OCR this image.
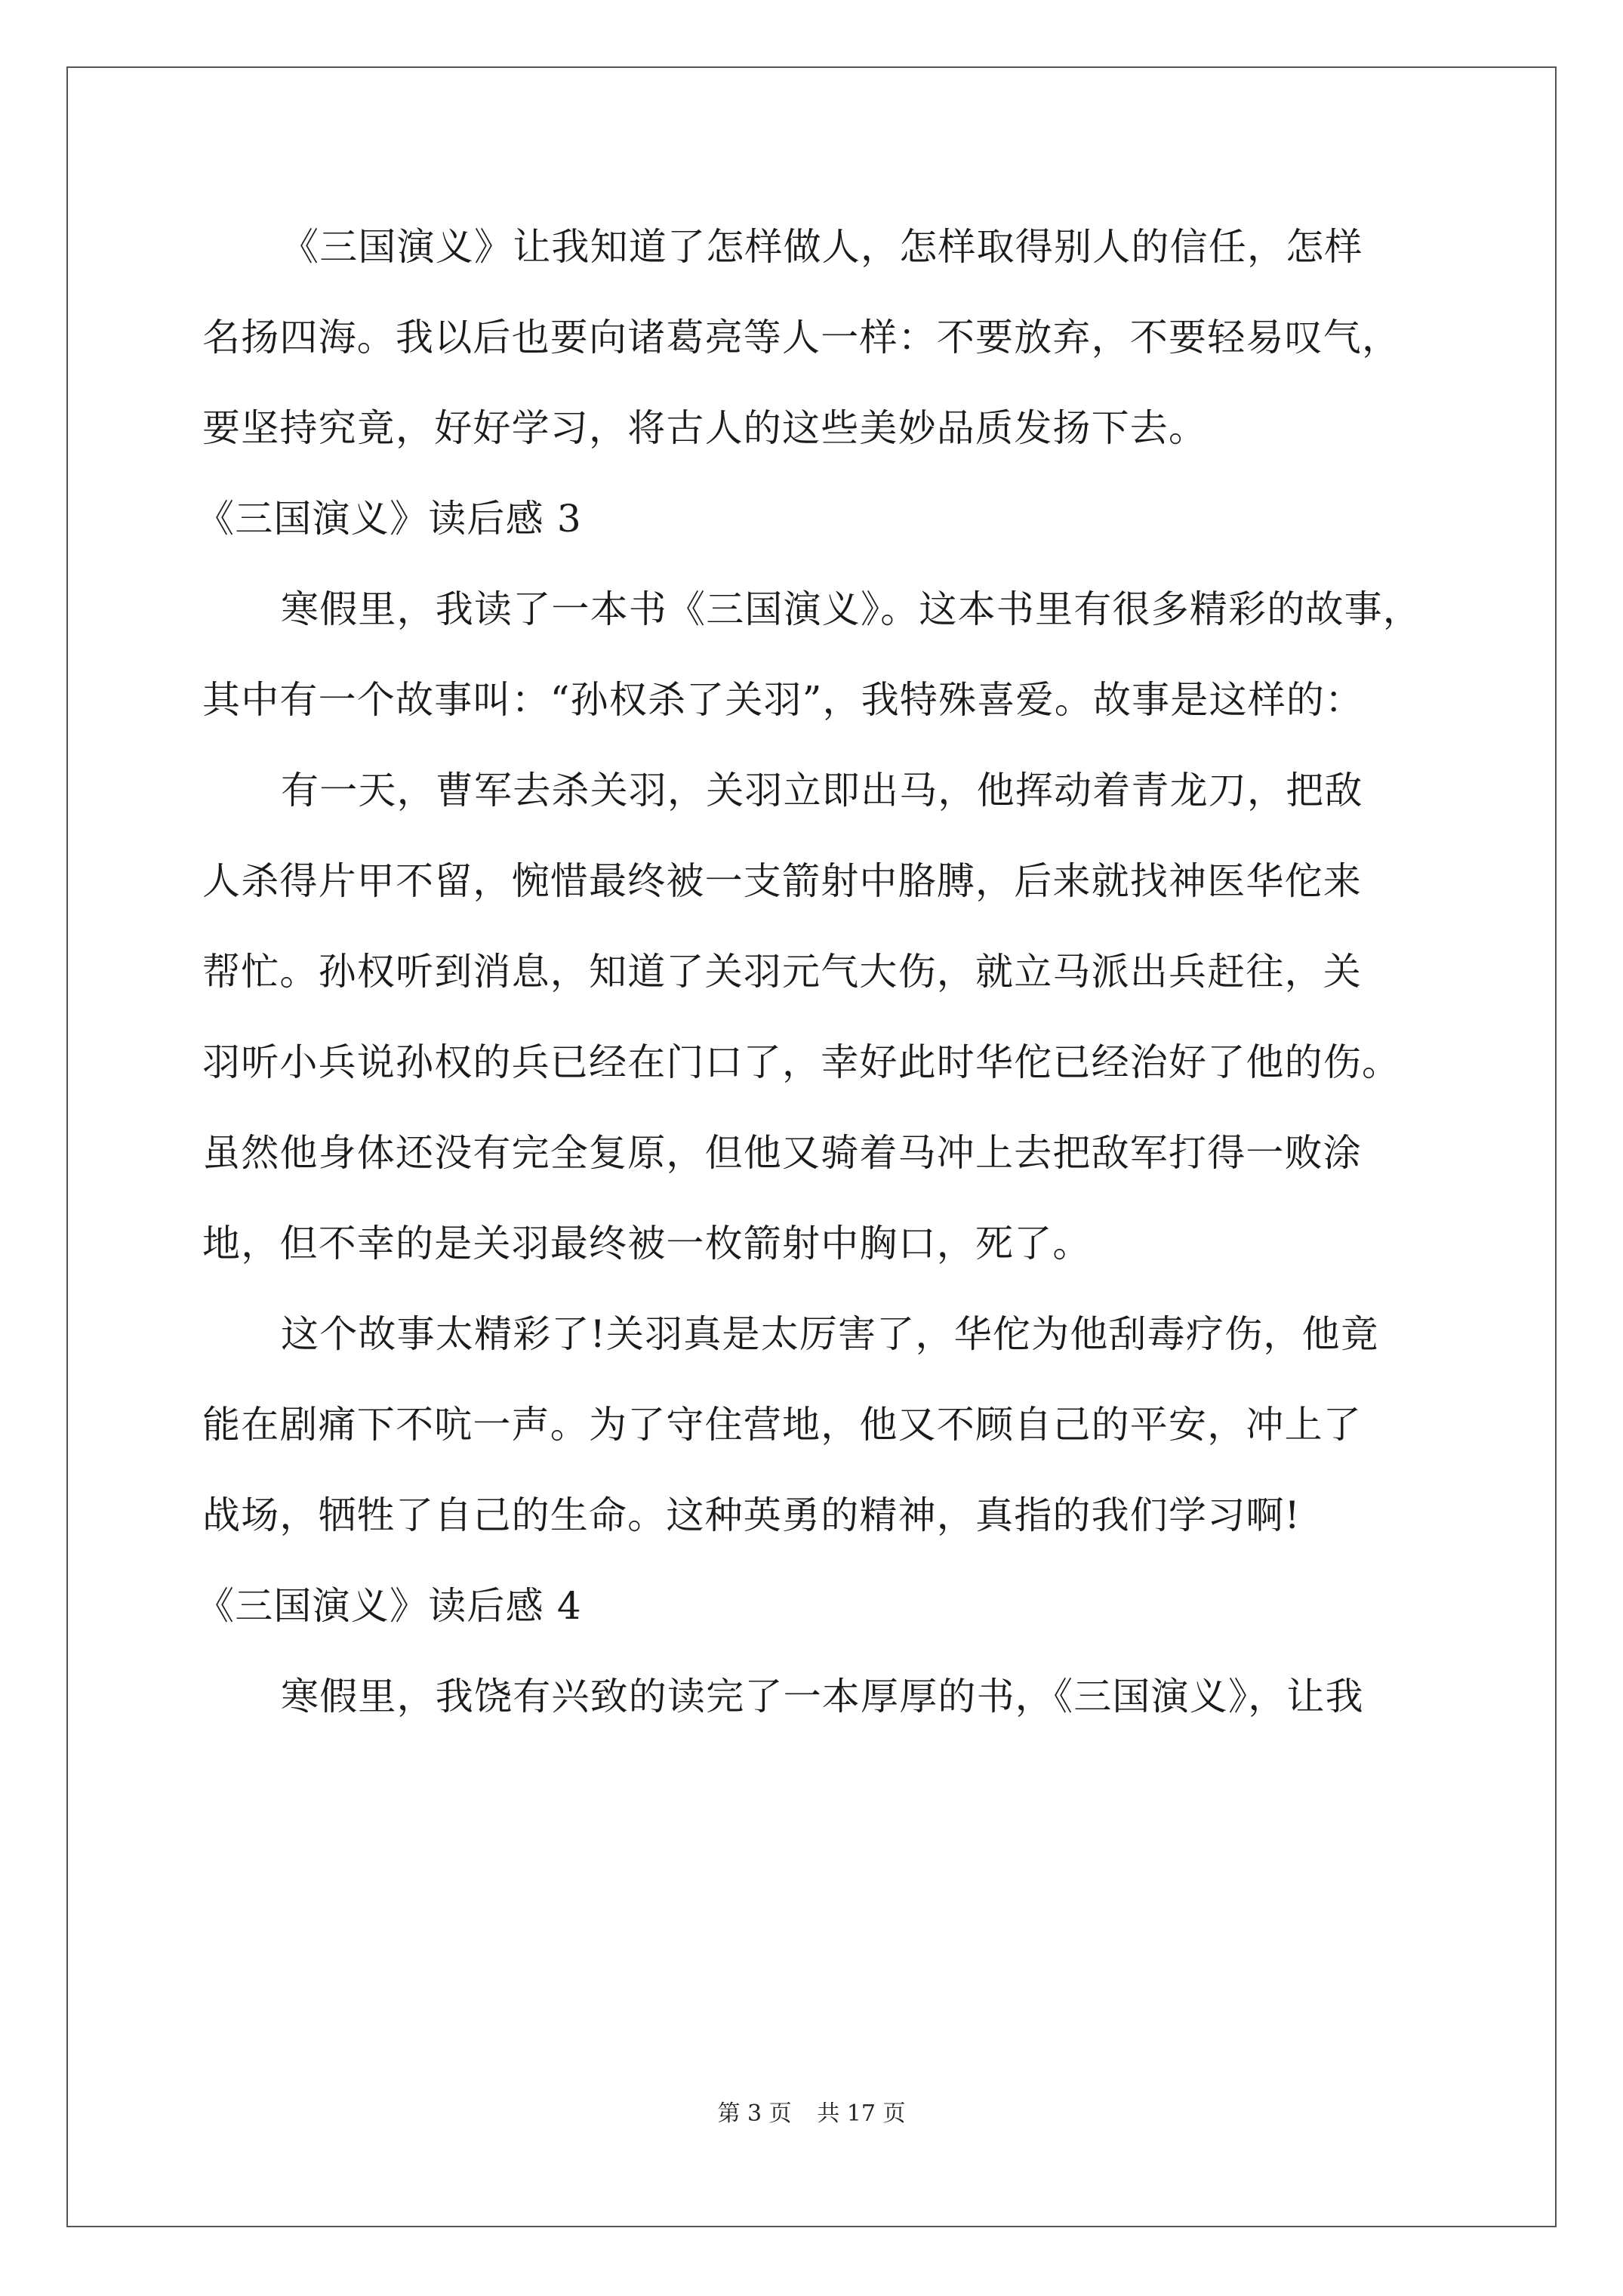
《三国演义》让我知道了怎样做人，怎样取得别人的信任，怎样
名扬四海。我以后也要向诸葛亮等人一样：不要放弃，不要轻易叹气，
要坚持究竟，好好学习，将古人的这些美妙品质发扬下去。
《三国演义》读后感 3
寒假里，我读了一本书《三国演义》。这本书里有很多精彩的故事，
其中有一个故事叫：“孙权杀了关羽”，我特殊喜爱。故事是这样的：
有一天，曹军去杀关羽，关羽立即出马，他挥动着青龙刀，把敌
人杀得片甲不留，惋惜最终被一支箭射中胳膊，后来就找神医华佗来
帮忙。孙权听到消息，知道了关羽元气大伤，就立马派出兵赶往，关
羽听小兵说孙权的兵已经在门口了，幸好此时华佗已经治好了他的伤。
虽然他身体还没有完全复原，但他又骑着马冲上去把敌军打得一败涂
地，但不幸的是关羽最终被一枚箭射中胸口，死了。
这个故事太精彩了!关羽真是太厉害了，华佗为他刮毒疗伤，他竟
能在剧痛下不吭一声。为了守住营地，他又不顾自己的平安，冲上了
战场，牺牲了自己的生命。这种英勇的精神，真指的我们学习啊!
《三国演义》读后感 4
寒假里，我饶有兴致的读完了一本厚厚的书，《三国演义》，让我
第 3 页 共 17 页
